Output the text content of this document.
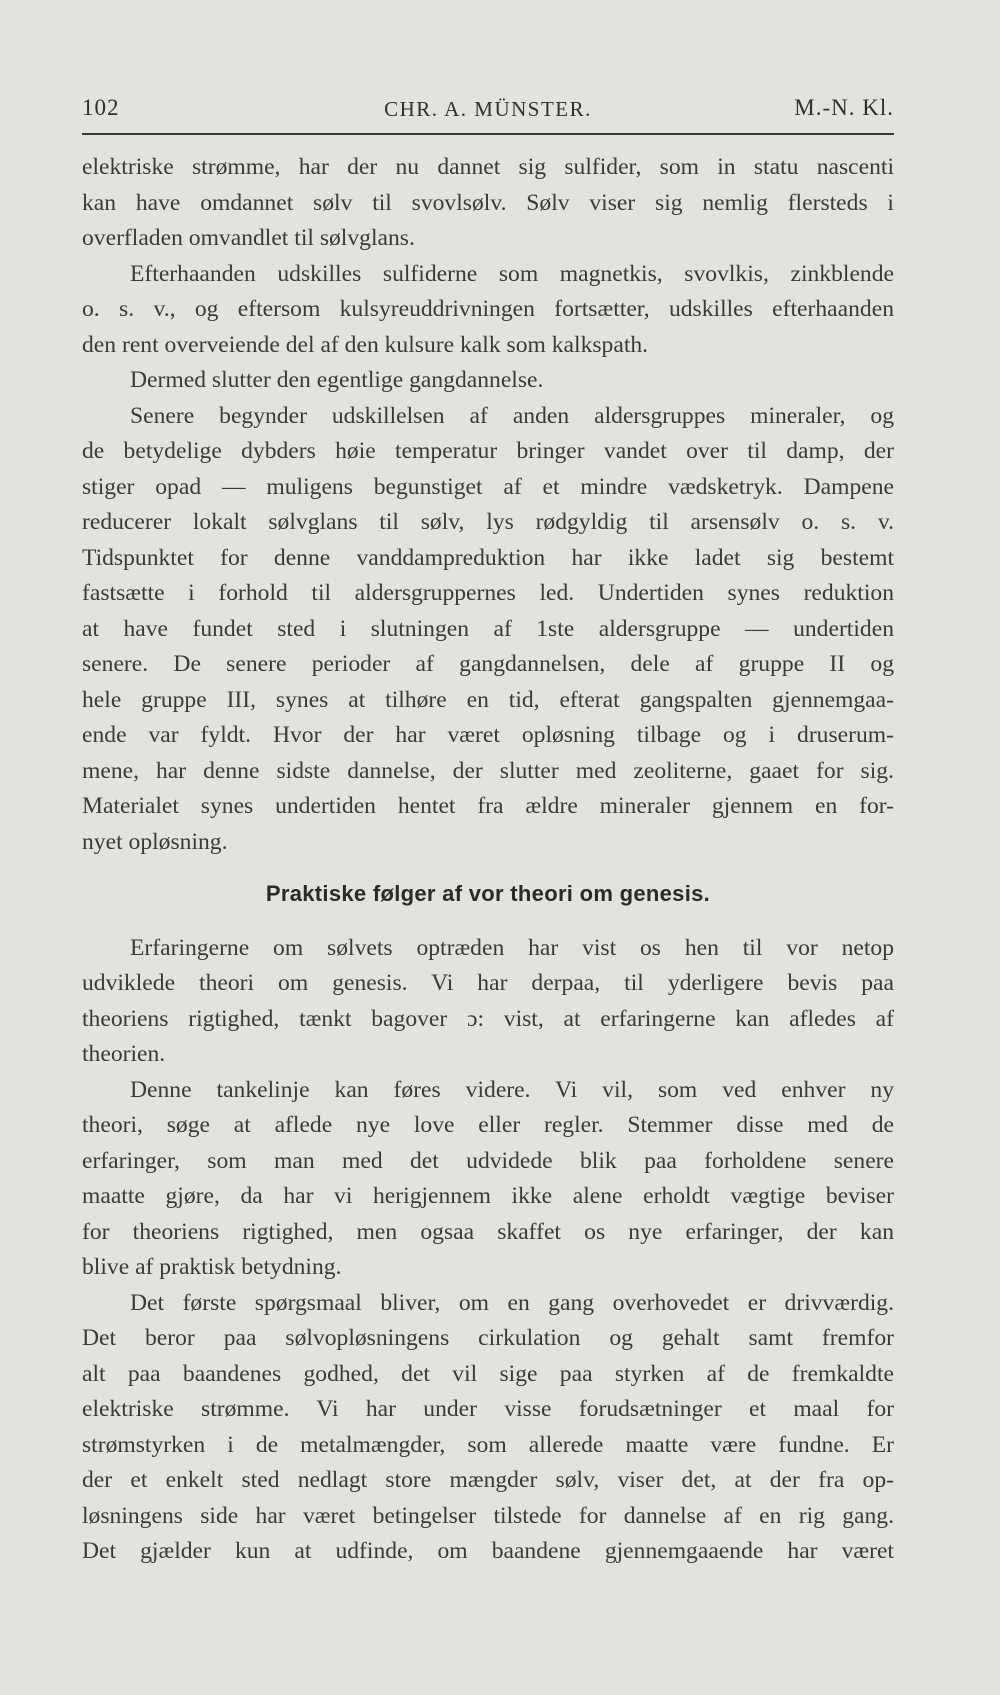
102	CHR. A. MÜNSTER.	M.-N. Kl.
elektriske strømme, har der nu dannet sig sulfider, som in statu nascenti
kan have omdannet sølv til svovlsølv. Sølv viser sig nemlig flersteds i
overfladen omvandlet til sølvglans.
Efterhaanden udskilles sulfiderne som magnetkis, svovlkis, zinkblende
o. s. v., og eftersom kulsyreuddrivningen fortsætter, udskilles efterhaanden
den rent overveiende del af den kulsure kalk som kalkspath.
Dermed slutter den egentlige gangdannelse.
Senere begynder udskillelsen af anden aldersgruppes mineraler, og
de betydelige dybders høie temperatur bringer vandet over til damp, der
stiger opad — muligens begunstiget af et mindre vædsketryk. Dampene
reducerer lokalt sølvglans til sølv, lys rødgyldig til arsensølv o. s. v.
Tidspunktet for denne vanddampreduktion har ikke ladet sig bestemt
fastsætte i forhold til aldersgruppernes led. Undertiden synes reduktion
at have fundet sted i slutningen af 1ste aldersgruppe — undertiden
senere. De senere perioder af gangdannelsen, dele af gruppe II og
hele gruppe III, synes at tilhøre en tid, efterat gangspalten gjennemgaa-
ende var fyldt. Hvor der har været opløsning tilbage og i druserum-
mene, har denne sidste dannelse, der slutter med zeoliterne, gaaet for sig.
Materialet synes undertiden hentet fra ældre mineraler gjennem en for-
nyet opløsning.
Praktiske følger af vor theori om genesis.
Erfaringerne om sølvets optræden har vist os hen til vor netop
udviklede theori om genesis. Vi har derpaa, til yderligere bevis paa
theoriens rigtighed, tænkt bagover ɔ: vist, at erfaringerne kan afledes af
theorien.
Denne tankelinje kan føres videre. Vi vil, som ved enhver ny
theori, søge at aflede nye love eller regler. Stemmer disse med de
erfaringer, som man med det udvidede blik paa forholdene senere
maatte gjøre, da har vi herigjennem ikke alene erholdt vægtige beviser
for theoriens rigtighed, men ogsaa skaffet os nye erfaringer, der kan
blive af praktisk betydning.
Det første spørgsmaal bliver, om en gang overhovedet er drivværdig.
Det beror paa sølvopløsningens cirkulation og gehalt samt fremfor
alt paa baandenes godhed, det vil sige paa styrken af de fremkaldte
elektriske strømme. Vi har under visse forudsætninger et maal for
strømstyrken i de metalmængder, som allerede maatte være fundne. Er
der et enkelt sted nedlagt store mængder sølv, viser det, at der fra op-
løsningens side har været betingelser tilstede for dannelse af en rig gang.
Det gjælder kun at udfinde, om baandene gjennemgaaende har været
